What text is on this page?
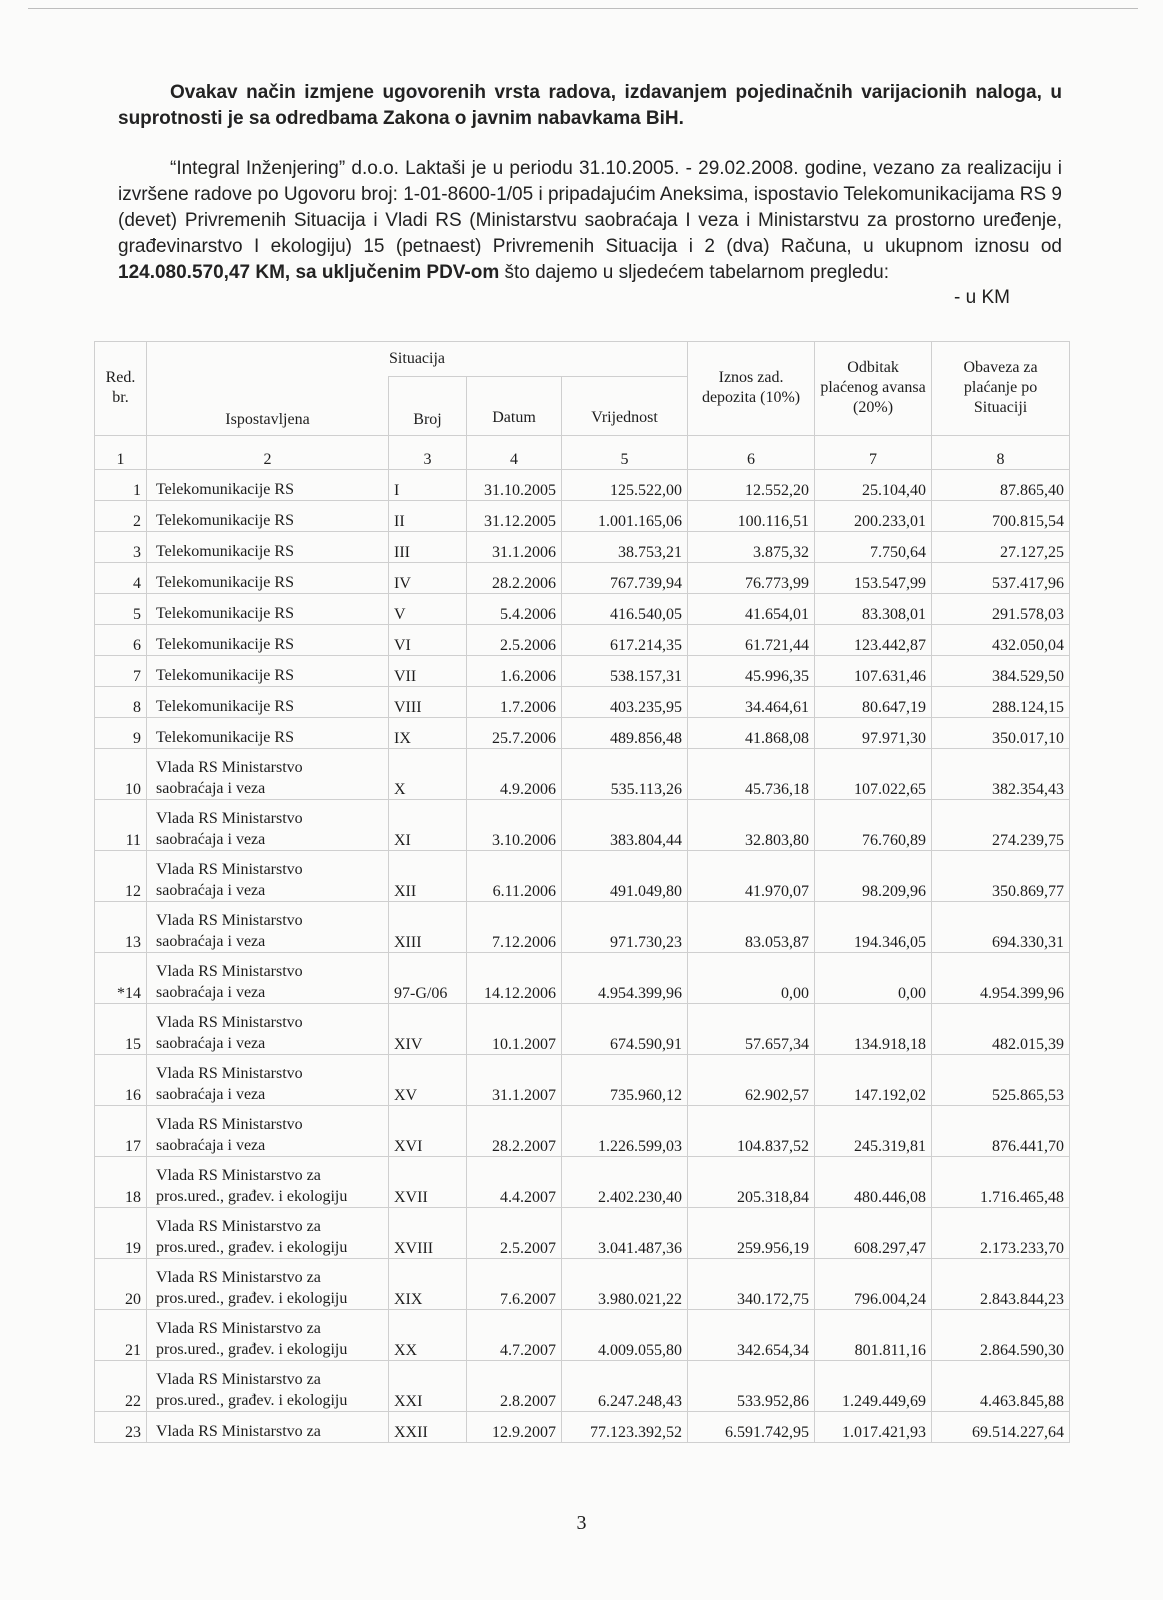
Ovakav način izmjene ugovorenih vrsta radova, izdavanjem pojedinačnih varijacionih naloga, u suprotnosti je sa odredbama Zakona o javnim nabavkama BiH.

“Integral Inženjering” d.o.o. Laktaši je u periodu 31.10.2005. - 29.02.2008. godine, vezano za realizaciju i izvršene radove po Ugovoru broj: 1-01-8600-1/05 i pripadajućim Aneksima, ispostavio Telekomunikacijama RS 9 (devet) Privremenih Situacija i Vladi RS (Ministarstvu saobraćaja I veza i Ministarstvu za prostorno uređenje, građevinarstvo I ekologiju) 15 (petnaest) Privremenih Situacija i 2 (dva) Računa, u ukupnom iznosu od 124.080.570,47 KM, sa uključenim PDV-om što dajemo u sljedećem tabelarnom pregledu:

- u KM
Red. br.	Situacija				Iznos zad. depozita (10%)	Odbitak plaćenog avansa (20%)	Obaveza za plaćanje po Situaciji
	Ispostavljena	Broj	Datum	Vrijednost			
1	2	3	4	5	6	7	8
1	Telekomunikacije RS	I	31.10.2005	125.522,00	12.552,20	25.104,40	87.865,40
2	Telekomunikacije RS	II	31.12.2005	1.001.165,06	100.116,51	200.233,01	700.815,54
3	Telekomunikacije RS	III	31.1.2006	38.753,21	3.875,32	7.750,64	27.127,25
4	Telekomunikacije RS	IV	28.2.2006	767.739,94	76.773,99	153.547,99	537.417,96
5	Telekomunikacije RS	V	5.4.2006	416.540,05	41.654,01	83.308,01	291.578,03
6	Telekomunikacije RS	VI	2.5.2006	617.214,35	61.721,44	123.442,87	432.050,04
7	Telekomunikacije RS	VII	1.6.2006	538.157,31	45.996,35	107.631,46	384.529,50
8	Telekomunikacije RS	VIII	1.7.2006	403.235,95	34.464,61	80.647,19	288.124,15
9	Telekomunikacije RS	IX	25.7.2006	489.856,48	41.868,08	97.971,30	350.017,10
10	Vlada RS Ministarstvo
saobraćaja i veza	X	4.9.2006	535.113,26	45.736,18	107.022,65	382.354,43
11	Vlada RS Ministarstvo
saobraćaja i veza	XI	3.10.2006	383.804,44	32.803,80	76.760,89	274.239,75
12	Vlada RS Ministarstvo
saobraćaja i veza	XII	6.11.2006	491.049,80	41.970,07	98.209,96	350.869,77
13	Vlada RS Ministarstvo
saobraćaja i veza	XIII	7.12.2006	971.730,23	83.053,87	194.346,05	694.330,31
*14	Vlada RS Ministarstvo
saobraćaja i veza	97-G/06	14.12.2006	4.954.399,96	0,00	0,00	4.954.399,96
15	Vlada RS Ministarstvo
saobraćaja i veza	XIV	10.1.2007	674.590,91	57.657,34	134.918,18	482.015,39
16	Vlada RS Ministarstvo
saobraćaja i veza	XV	31.1.2007	735.960,12	62.902,57	147.192,02	525.865,53
17	Vlada RS Ministarstvo
saobraćaja i veza	XVI	28.2.2007	1.226.599,03	104.837,52	245.319,81	876.441,70
18	Vlada RS Ministarstvo za
pros.ured., građev. i ekologiju	XVII	4.4.2007	2.402.230,40	205.318,84	480.446,08	1.716.465,48
19	Vlada RS Ministarstvo za
pros.ured., građev. i ekologiju	XVIII	2.5.2007	3.041.487,36	259.956,19	608.297,47	2.173.233,70
20	Vlada RS Ministarstvo za
pros.ured., građev. i ekologiju	XIX	7.6.2007	3.980.021,22	340.172,75	796.004,24	2.843.844,23
21	Vlada RS Ministarstvo za
pros.ured., građev. i ekologiju	XX	4.7.2007	4.009.055,80	342.654,34	801.811,16	2.864.590,30
22	Vlada RS Ministarstvo za
pros.ured., građev. i ekologiju	XXI	2.8.2007	6.247.248,43	533.952,86	1.249.449,69	4.463.845,88
23	Vlada RS Ministarstvo za	XXII	12.9.2007	77.123.392,52	6.591.742,95	1.017.421,93	69.514.227,64
3
